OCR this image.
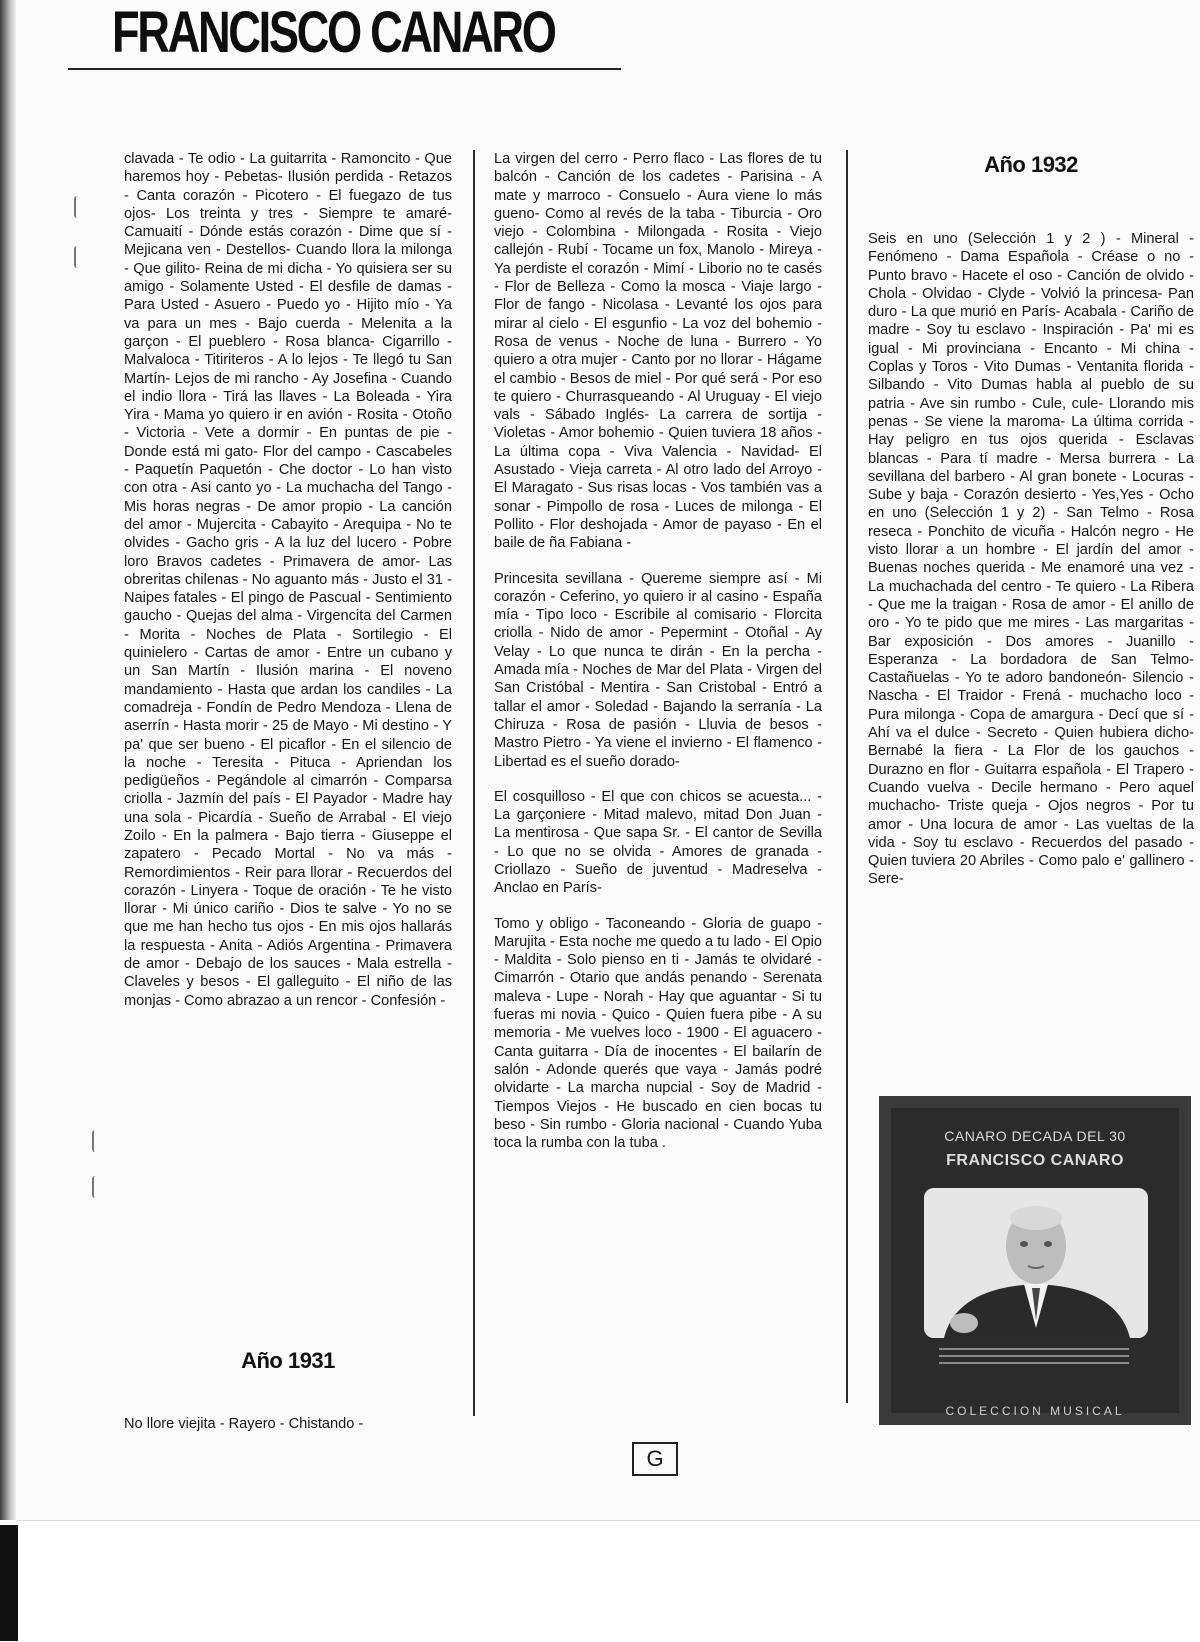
FRANCISCO CANARO

clavada - Te odio - La guitarrita - Ramoncito - Que haremos hoy - Pebetas- Ilusión perdida - Retazos - Canta corazón - Picotero - El fuegazo de tus ojos- Los treinta y tres - Siempre te amaré- Camuaití - Dónde estás corazón - Dime que sí - Mejicana ven - Destellos- Cuando llora la milonga - Que gilito- Reina de mi dicha - Yo quisiera ser su amigo - Solamente Usted - El desfile de damas - Para Usted - Asuero - Puedo yo - Hijito mío - Ya va para un mes - Bajo cuerda - Melenita a la garçon - El pueblero - Rosa blanca- Cigarrillo - Malvaloca - Titiriteros - A lo lejos - Te llegó tu San Martín- Lejos de mi rancho - Ay Josefina - Cuando el indio llora - Tirá las llaves - La Boleada - Yira Yira - Mama yo quiero ir en avión - Rosita - Otoño - Victoria - Vete a dormir - En puntas de pie - Donde está mi gato- Flor del campo - Cascabeles - Paquetín Paquetón - Che doctor - Lo han visto con otra - Asi canto yo - La muchacha del Tango - Mis horas negras - De amor propio - La canción del amor - Mujercita - Cabayito - Arequipa - No te olvides - Gacho gris - A la luz del lucero - Pobre loro Bravos cadetes - Primavera de amor- Las obreritas chilenas - No aguanto más - Justo el 31 - Naipes fatales - El pingo de Pascual - Sentimiento gaucho - Quejas del alma - Virgencita del Carmen - Morita - Noches de Plata - Sortilegio - El quinielero - Cartas de amor - Entre un cubano y un San Martín - Ilusión marina - El noveno mandamiento - Hasta que ardan los candiles - La comadreja - Fondín de Pedro Mendoza - Llena de aserrín - Hasta morir - 25 de Mayo - Mi destino - Y pa' que ser bueno - El picaflor - En el silencio de la noche - Teresita - Pituca - Apriendan los pedigüeños - Pegándole al cimarrón - Comparsa criolla - Jazmín del país - El Payador - Madre hay una sola - Picardía - Sueño de Arrabal - El viejo Zoilo - En la palmera - Bajo tierra - Giuseppe el zapatero - Pecado Mortal - No va más - Remordimientos - Reir para llorar - Recuerdos del corazón - Linyera - Toque de oración - Te he visto llorar - Mi único cariño - Dios te salve - Yo no se que me han hecho tus ojos - En mis ojos hallarás la respuesta - Anita - Adiós Argentina - Primavera de amor - Debajo de los sauces - Mala estrella - Claveles y besos - El galleguito - El niño de las monjas - Como abrazao a un rencor - Confesión -

Año 1931
No llore viejita - Rayero - Chistando -

La virgen del cerro - Perro flaco - Las flores de tu balcón - Canción de los cadetes - Parisina - A mate y marroco - Consuelo - Aura viene lo más gueno- Como al revés de la taba - Tiburcia - Oro viejo - Colombina - Milongada - Rosita - Viejo callejón - Rubí - Tocame un fox, Manolo - Mireya - Ya perdiste el corazón - Mimí - Liborio no te casés - Flor de Belleza - Como la mosca - Viaje largo - Flor de fango - Nicolasa - Levanté los ojos para mirar al cielo - El esgunfio - La voz del bohemio - Rosa de venus - Noche de luna - Burrero - Yo quiero a otra mujer - Canto por no llorar - Hágame el cambio - Besos de miel - Por qué será - Por eso te quiero - Churrasqueando - Al Uruguay - El viejo vals - Sábado Inglés- La carrera de sortija - Violetas - Amor bohemio - Quien tuviera 18 años - La última copa - Viva Valencia - Navidad- El Asustado - Vieja carreta - Al otro lado del Arroyo - El Maragato - Sus risas locas - Vos también vas a sonar - Pimpollo de rosa - Luces de milonga - El Pollito - Flor deshojada - Amor de payaso - En el baile de ña Fabiana -

Princesita sevillana - Quereme siempre así - Mi corazón - Ceferino, yo quiero ir al casino - España mía - Tipo loco - Escribile al comisario - Florcita criolla - Nido de amor - Pepermint - Otoñal - Ay Velay - Lo que nunca te dirán - En la percha - Amada mía - Noches de Mar del Plata - Virgen del San Cristóbal - Mentira - San Cristobal - Entró a tallar el amor - Soledad - Bajando la serranía - La Chiruza - Rosa de pasión - Lluvia de besos - Mastro Pietro - Ya viene el invierno - El flamenco - Libertad es el sueño dorado-

El cosquilloso - El que con chicos se acuesta... - La garçoniere - Mitad malevo, mitad Don Juan - La mentirosa - Que sapa Sr. - El cantor de Sevilla - Lo que no se olvida - Amores de granada - Criollazo - Sueño de juventud - Madreselva - Anclao en París-

Tomo y obligo - Taconeando - Gloria de guapo - Marujita - Esta noche me quedo a tu lado - El Opio - Maldita - Solo pienso en ti - Jamás te olvidaré - Cimarrón - Otario que andás penando - Serenata maleva - Lupe - Norah - Hay que aguantar - Si tu fueras mi novia - Quico - Quien fuera pibe - A su memoria - Me vuelves loco - 1900 - El aguacero - Canta guitarra - Día de inocentes - El bailarín de salón - Adonde querés que vaya - Jamás podré olvidarte - La marcha nupcial - Soy de Madrid - Tiempos Viejos - He buscado en cien bocas tu beso - Sin rumbo - Gloria nacional - Cuando Yuba toca la rumba con la tuba .

Año 1932

Seis en uno (Selección 1 y 2 ) - Mineral - Fenómeno - Dama Española - Créase o no - Punto bravo - Hacete el oso - Canción de olvido - Chola - Olvidao - Clyde - Volvió la princesa- Pan duro - La que murió en París- Acabala - Cariño de madre - Soy tu esclavo - Inspiración - Pa' mi es igual - Mi provinciana - Encanto - Mi china - Coplas y Toros - Vito Dumas - Ventanita florida - Silbando - Vito Dumas habla al pueblo de su patria - Ave sin rumbo - Cule, cule- Llorando mis penas - Se viene la maroma- La última corrida - Hay peligro en tus ojos querida - Esclavas blancas - Para tí madre - Mersa burrera - La sevillana del barbero - Al gran bonete - Locuras - Sube y baja - Corazón desierto - Yes,Yes - Ocho en uno (Selección 1 y 2) - San Telmo - Rosa reseca - Ponchito de vicuña - Halcón negro - He visto llorar a un hombre - El jardín del amor - Buenas noches querida - Me enamoré una vez - La muchachada del centro - Te quiero - La Ribera - Que me la traigan - Rosa de amor - El anillo de oro - Yo te pido que me mires - Las margaritas - Bar exposición - Dos amores - Juanillo - Esperanza - La bordadora de San Telmo- Castañuelas - Yo te adoro bandoneón- Silencio - Nascha - El Traidor - Frená - muchacho loco - Pura milonga - Copa de amargura - Decí que sí - Ahí va el dulce - Secreto - Quien hubiera dicho- Bernabé la fiera - La Flor de los gauchos - Durazno en flor - Guitarra española - El Trapero - Cuando vuelva - Decile hermano - Pero aquel muchacho- Triste queja - Ojos negros - Por tu amor - Una locura de amor - Las vueltas de la vida - Soy tu esclavo - Recuerdos del pasado - Quien tuviera 20 Abriles - Como palo e' gallinero - Sere-

CANARO DECADA DEL 30
FRANCISCO CANARO
COLECCION MUSICAL
G
